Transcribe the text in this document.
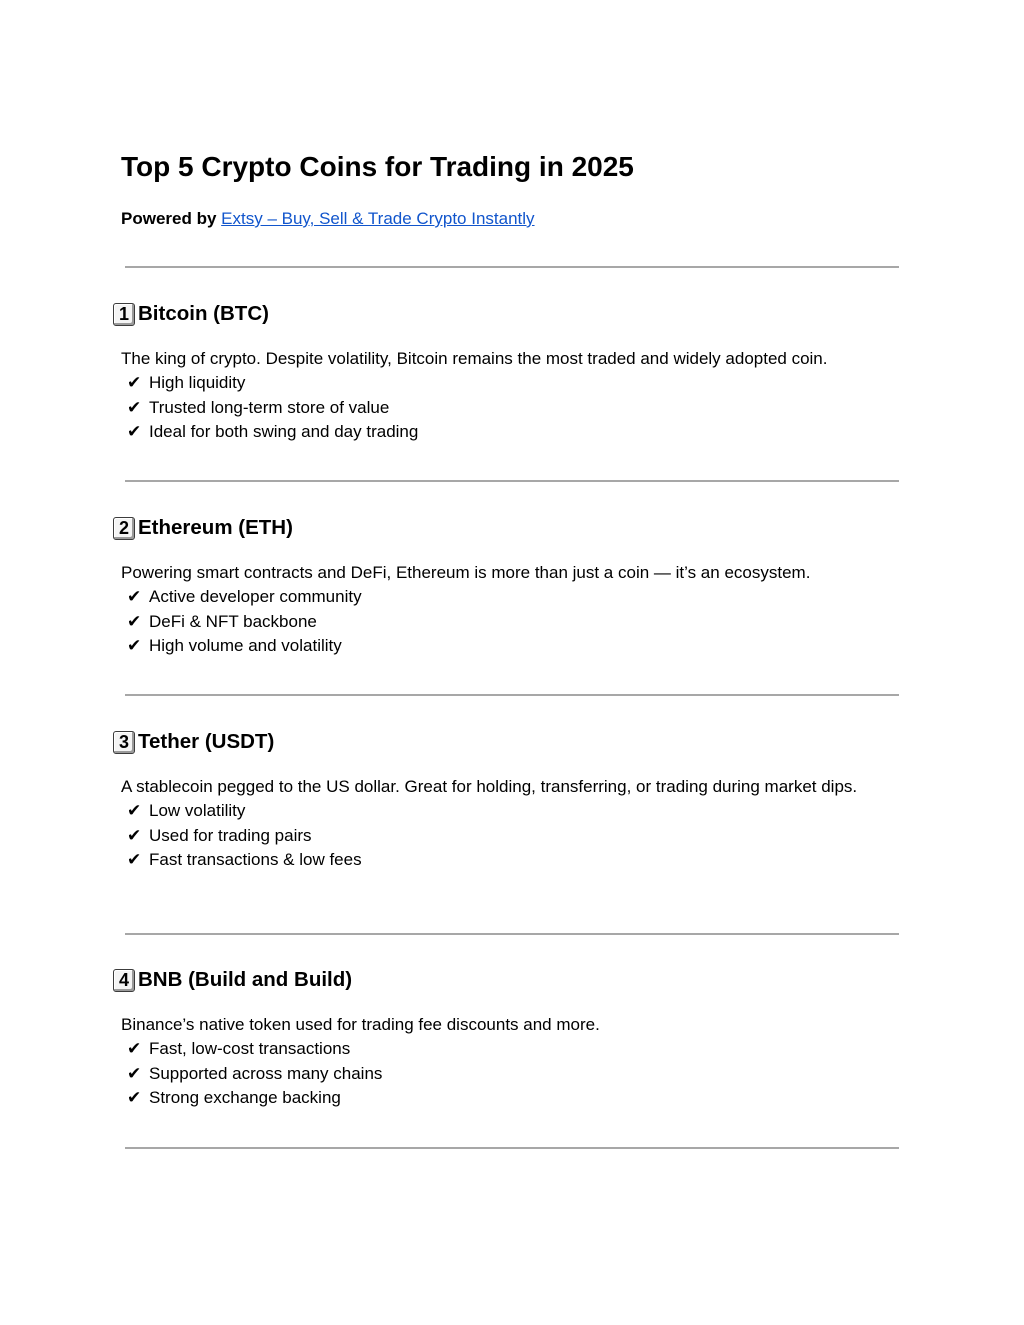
Top 5 Crypto Coins for Trading in 2025
Powered by Extsy – Buy, Sell & Trade Crypto Instantly
1 Bitcoin (BTC)

The king of crypto. Despite volatility, Bitcoin remains the most traded and widely adopted coin.

✔ High liquidity
✔ Trusted long-term store of value
✔ Ideal for both swing and day trading
2 Ethereum (ETH)

Powering smart contracts and DeFi, Ethereum is more than just a coin — it’s an ecosystem.

✔ Active developer community
✔ DeFi & NFT backbone
✔ High volume and volatility
3 Tether (USDT)

A stablecoin pegged to the US dollar. Great for holding, transferring, or trading during market dips.

✔ Low volatility
✔ Used for trading pairs
✔ Fast transactions & low fees
4 BNB (Build and Build)

Binance’s native token used for trading fee discounts and more.

✔ Fast, low-cost transactions
✔ Supported across many chains
✔ Strong exchange backing
